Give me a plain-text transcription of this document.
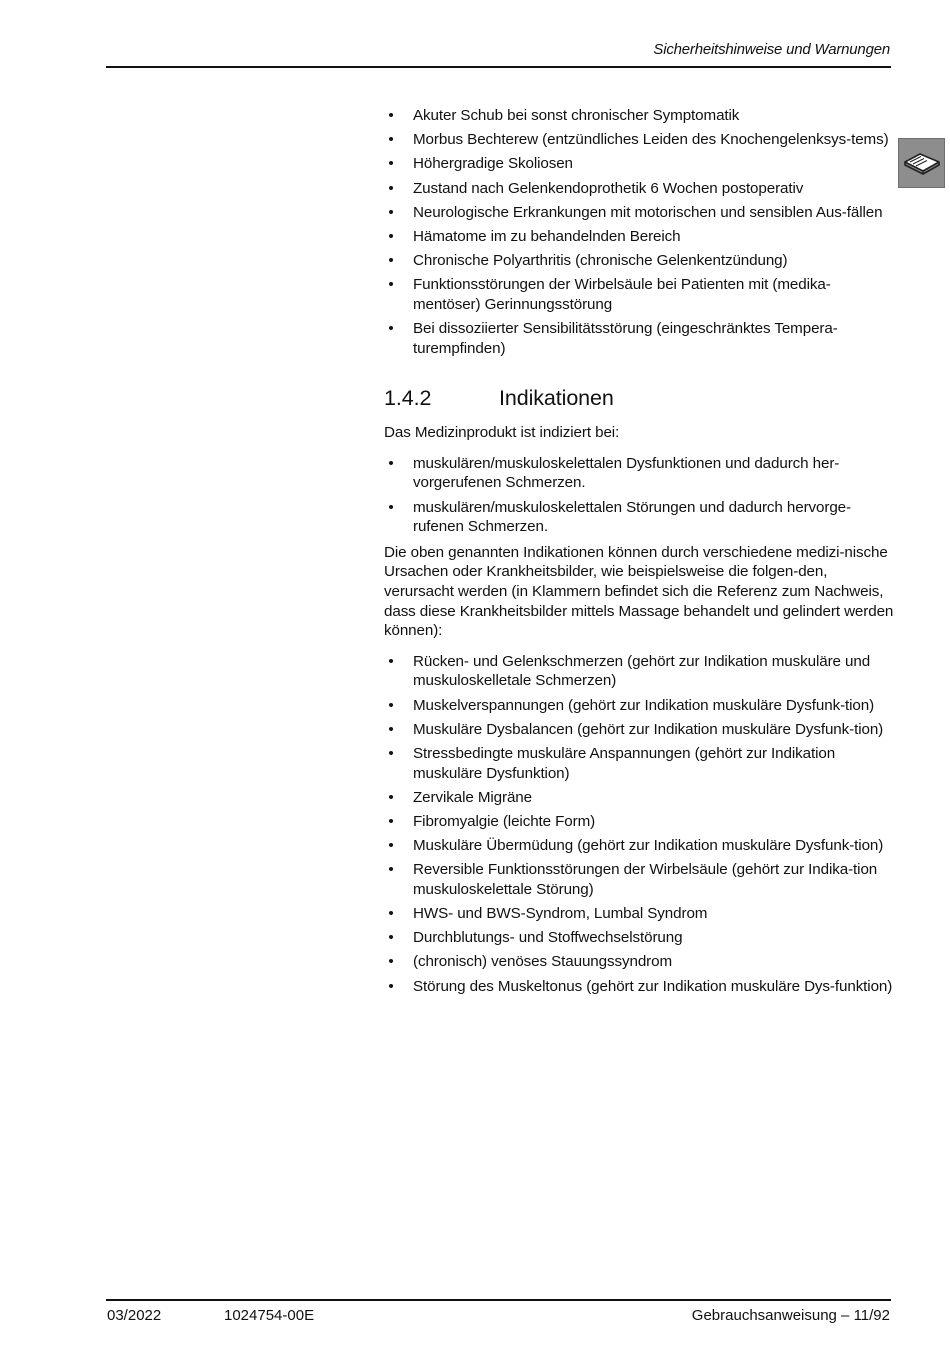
Sicherheitshinweise und Warnungen
• Akuter Schub bei sonst chronischer Symptomatik
• Morbus Bechterew (entzündliches Leiden des Knochengelenksys-tems)
• Höhergradige Skoliosen
• Zustand nach Gelenkendoprothetik 6 Wochen postoperativ
• Neurologische Erkrankungen mit motorischen und sensiblen Aus-fällen
• Hämatome im zu behandelnden Bereich
• Chronische Polyarthritis (chronische Gelenkentzündung)
• Funktionsstörungen der Wirbelsäule bei Patienten mit (medika-mentöser) Gerinnungsstörung
• Bei dissoziierter Sensibilitätsstörung (eingeschränktes Tempera-turempfinden)
1.4.2	Indikationen

Das Medizinprodukt ist indiziert bei:

• muskulären/muskuloskelettalen Dysfunktionen und dadurch her-vorgerufenen Schmerzen.
• muskulären/muskuloskelettalen Störungen und dadurch hervorge-rufenen Schmerzen.

Die oben genannten Indikationen können durch verschiedene medizi-nische Ursachen oder Krankheitsbilder, wie beispielsweise die folgen-den, verursacht werden (in Klammern befindet sich die Referenz zum Nachweis, dass diese Krankheitsbilder mittels Massage behandelt und gelindert werden können):

• Rücken- und Gelenkschmerzen (gehört zur Indikation muskuläre und muskuloskelletale Schmerzen)
• Muskelverspannungen (gehört zur Indikation muskuläre Dysfunk-tion)
• Muskuläre Dysbalancen (gehört zur Indikation muskuläre Dysfunk-tion)
• Stressbedingte muskuläre Anspannungen (gehört zur Indikation muskuläre Dysfunktion)
• Zervikale Migräne
• Fibromyalgie (leichte Form)
• Muskuläre Übermüdung (gehört zur Indikation muskuläre Dysfunk-tion)
• Reversible Funktionsstörungen der Wirbelsäule (gehört zur Indika-tion muskuloskelettale Störung)
• HWS- und BWS-Syndrom, Lumbal Syndrom
• Durchblutungs- und Stoffwechselstörung
• (chronisch) venöses Stauungssyndrom
• Störung des Muskeltonus (gehört zur Indikation muskuläre Dys-funktion)
03/2022	1024754-00E	Gebrauchsanweisung – 11/92
